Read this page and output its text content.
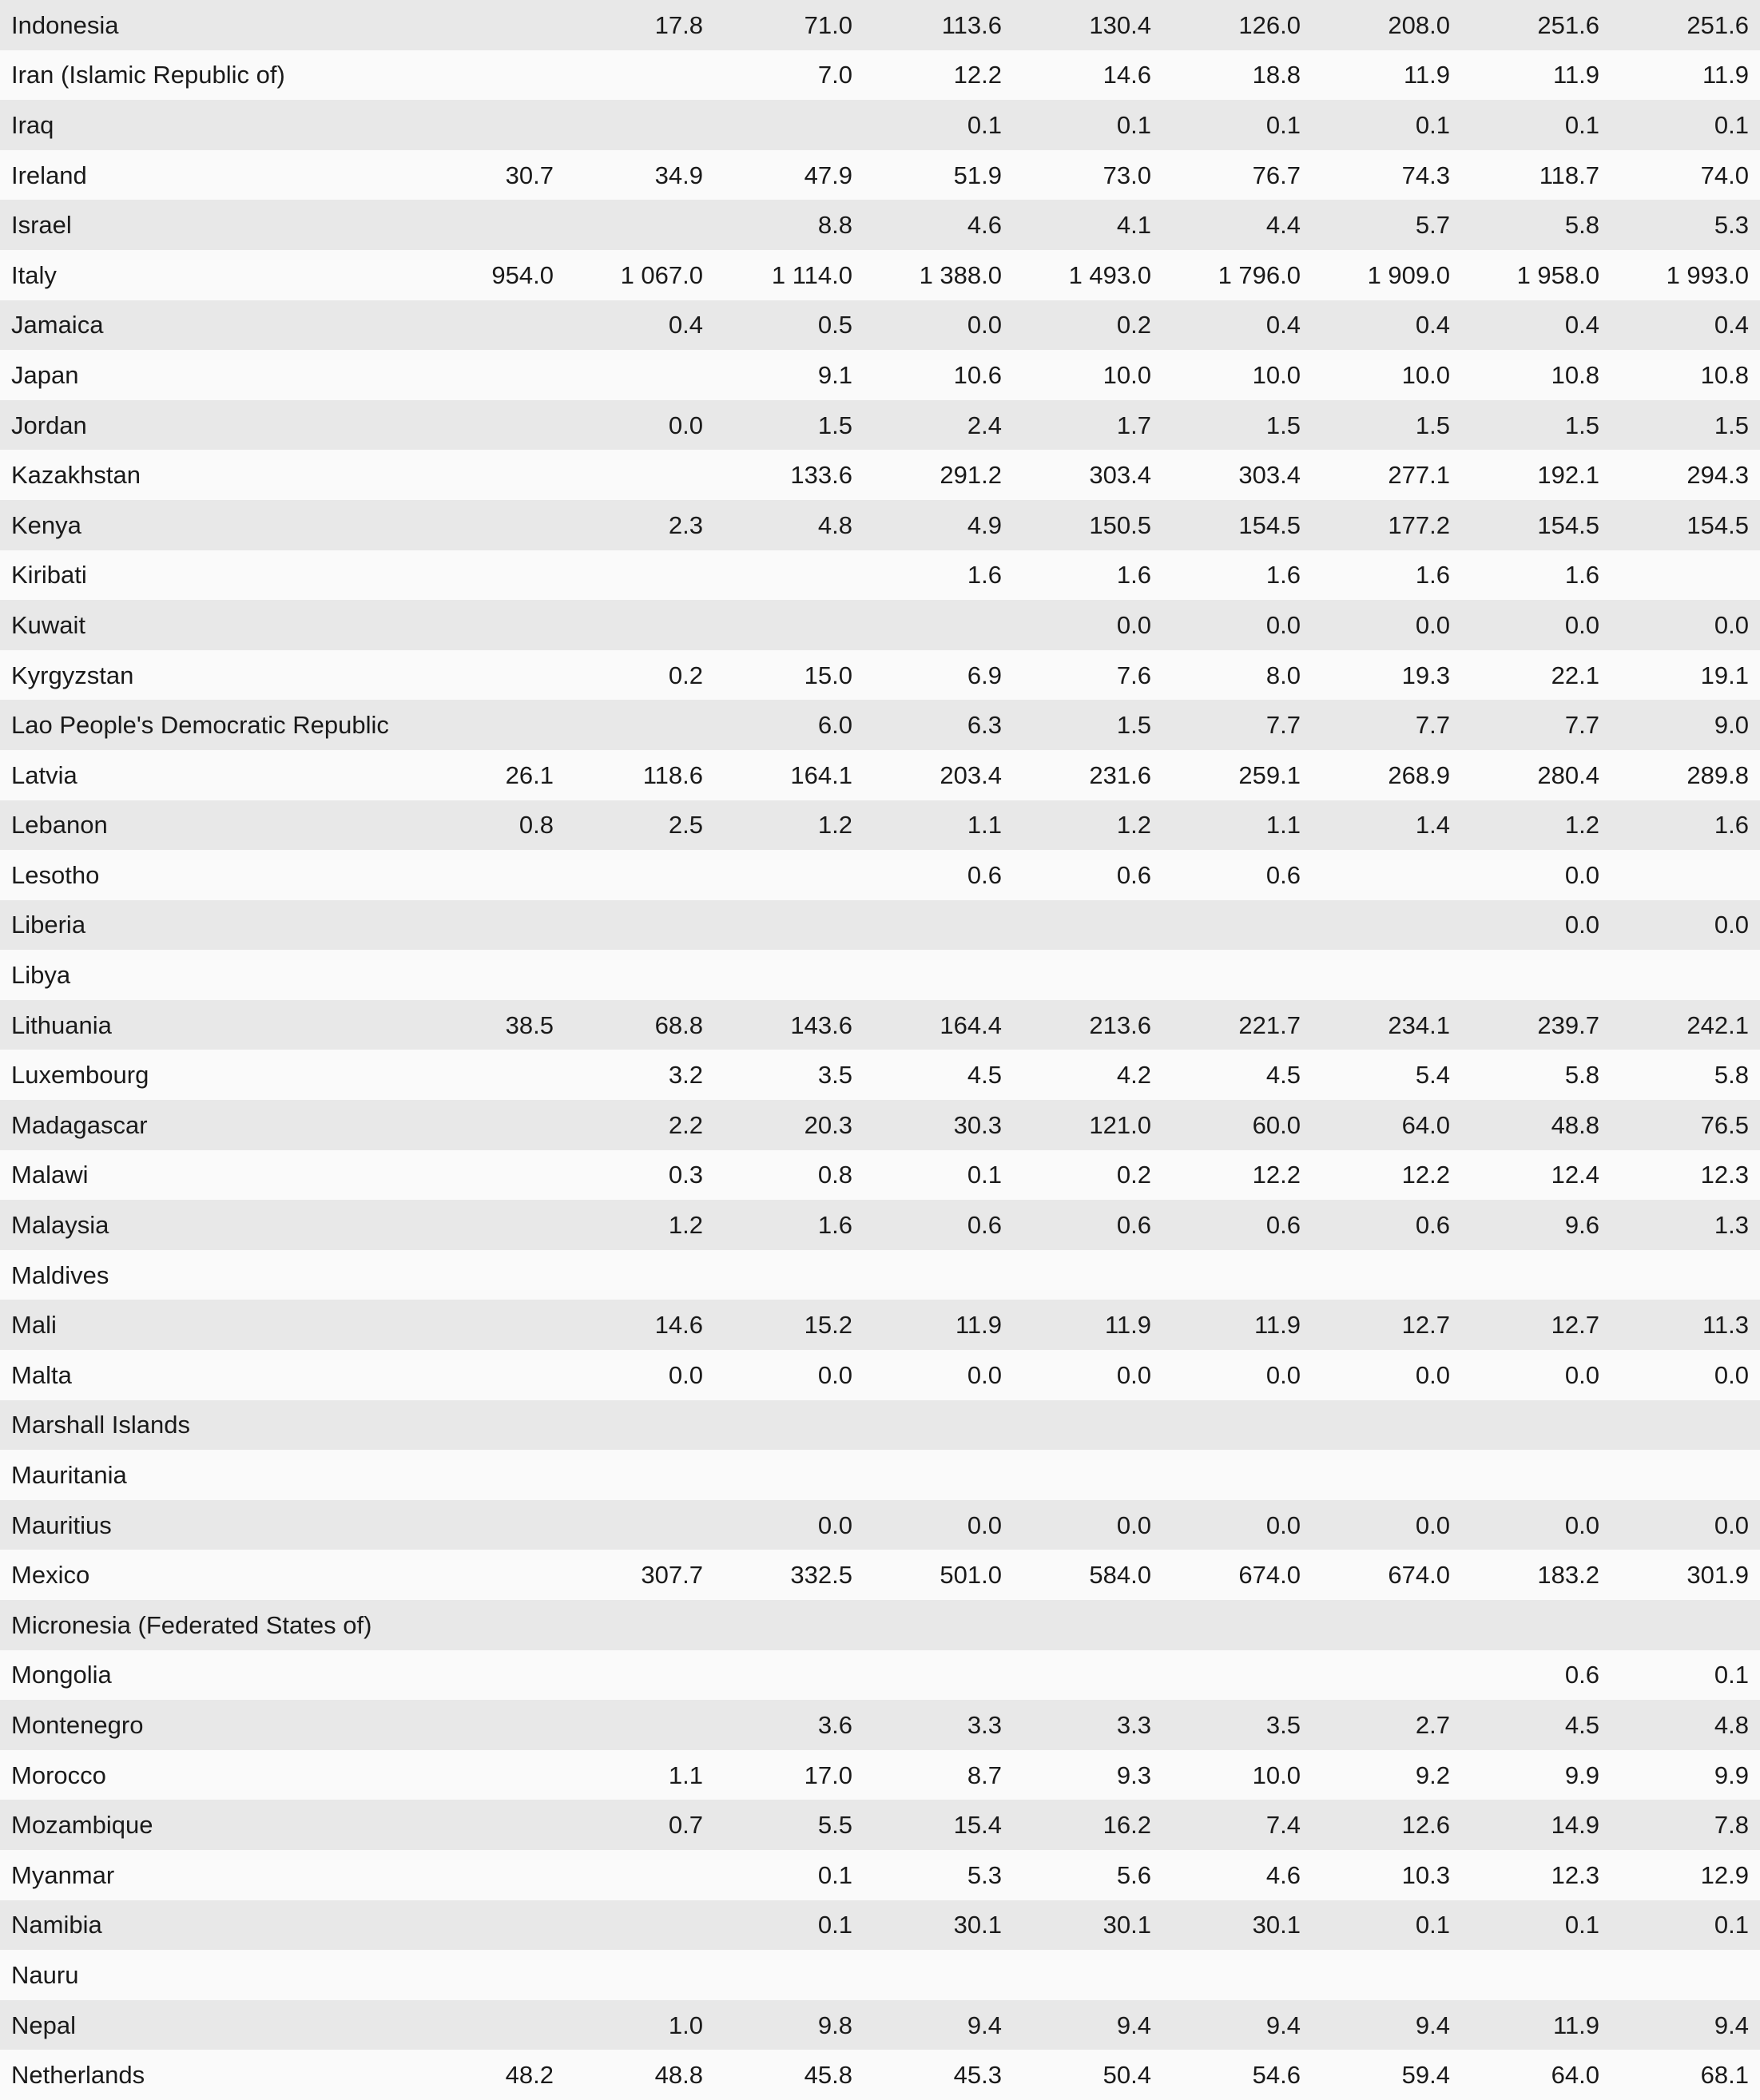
Indonesia		17.8	71.0	113.6	130.4	126.0	208.0	251.6	251.6
Iran (Islamic Republic of)			7.0	12.2	14.6	18.8	11.9	11.9	11.9
Iraq				0.1	0.1	0.1	0.1	0.1	0.1
Ireland	30.7	34.9	47.9	51.9	73.0	76.7	74.3	118.7	74.0
Israel			8.8	4.6	4.1	4.4	5.7	5.8	5.3
Italy	954.0	1 067.0	1 114.0	1 388.0	1 493.0	1 796.0	1 909.0	1 958.0	1 993.0
Jamaica		0.4	0.5	0.0	0.2	0.4	0.4	0.4	0.4
Japan			9.1	10.6	10.0	10.0	10.0	10.8	10.8
Jordan		0.0	1.5	2.4	1.7	1.5	1.5	1.5	1.5
Kazakhstan			133.6	291.2	303.4	303.4	277.1	192.1	294.3
Kenya		2.3	4.8	4.9	150.5	154.5	177.2	154.5	154.5
Kiribati				1.6	1.6	1.6	1.6	1.6	
Kuwait					0.0	0.0	0.0	0.0	0.0
Kyrgyzstan		0.2	15.0	6.9	7.6	8.0	19.3	22.1	19.1
Lao People's Democratic Republic			6.0	6.3	1.5	7.7	7.7	7.7	9.0
Latvia	26.1	118.6	164.1	203.4	231.6	259.1	268.9	280.4	289.8
Lebanon	0.8	2.5	1.2	1.1	1.2	1.1	1.4	1.2	1.6
Lesotho				0.6	0.6	0.6		0.0	
Liberia								0.0	0.0
Libya									
Lithuania	38.5	68.8	143.6	164.4	213.6	221.7	234.1	239.7	242.1
Luxembourg		3.2	3.5	4.5	4.2	4.5	5.4	5.8	5.8
Madagascar		2.2	20.3	30.3	121.0	60.0	64.0	48.8	76.5
Malawi		0.3	0.8	0.1	0.2	12.2	12.2	12.4	12.3
Malaysia		1.2	1.6	0.6	0.6	0.6	0.6	9.6	1.3
Maldives									
Mali		14.6	15.2	11.9	11.9	11.9	12.7	12.7	11.3
Malta		0.0	0.0	0.0	0.0	0.0	0.0	0.0	0.0
Marshall Islands									
Mauritania									
Mauritius			0.0	0.0	0.0	0.0	0.0	0.0	0.0
Mexico		307.7	332.5	501.0	584.0	674.0	674.0	183.2	301.9
Micronesia (Federated States of)									
Mongolia								0.6	0.1
Montenegro			3.6	3.3	3.3	3.5	2.7	4.5	4.8
Morocco		1.1	17.0	8.7	9.3	10.0	9.2	9.9	9.9
Mozambique		0.7	5.5	15.4	16.2	7.4	12.6	14.9	7.8
Myanmar			0.1	5.3	5.6	4.6	10.3	12.3	12.9
Namibia			0.1	30.1	30.1	30.1	0.1	0.1	0.1
Nauru									
Nepal		1.0	9.8	9.4	9.4	9.4	9.4	11.9	9.4
Netherlands	48.2	48.8	45.8	45.3	50.4	54.6	59.4	64.0	68.1
